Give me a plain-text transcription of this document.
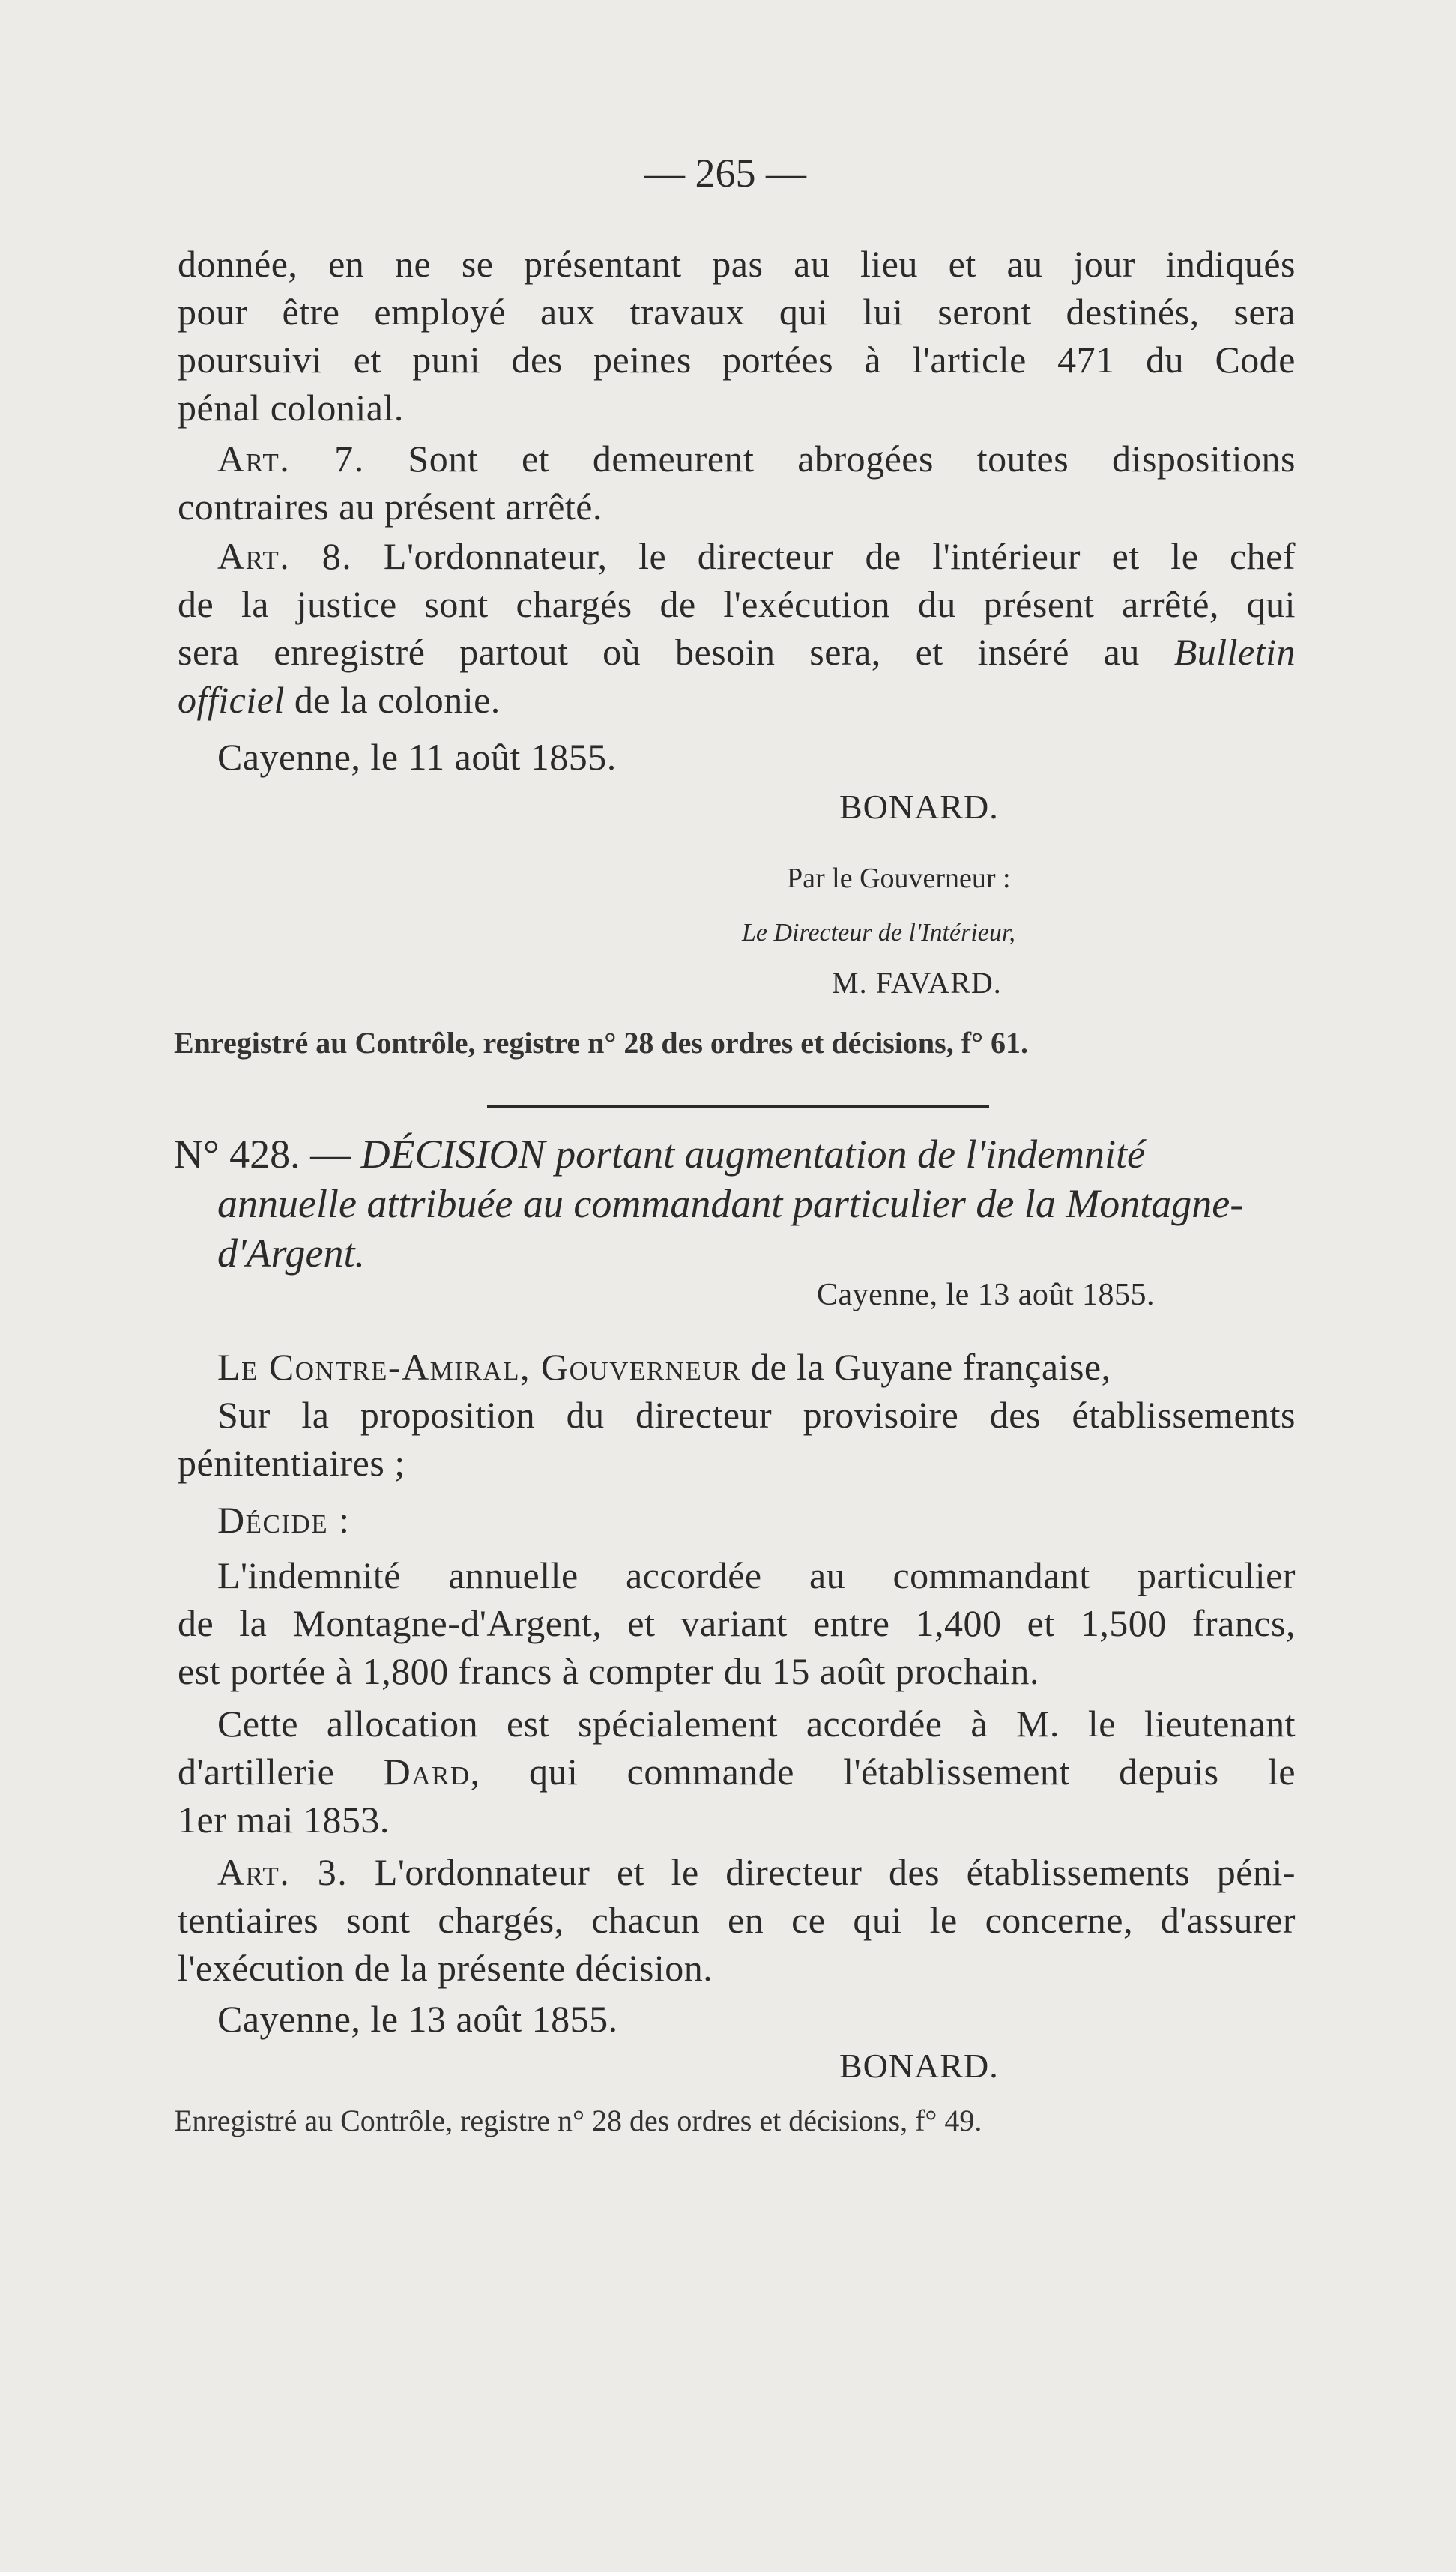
— 265 —
donnée, en ne se présentant pas au lieu et au jour indiqués
pour être employé aux travaux qui lui seront destinés, sera
poursuivi et puni des peines portées à l'article 471 du Code
pénal colonial.
Art. 7. Sont et demeurent abrogées toutes dispositions
contraires au présent arrêté.
Art. 8. L'ordonnateur, le directeur de l'intérieur et le chef
de la justice sont chargés de l'exécution du présent arrêté, qui
sera enregistré partout où besoin sera, et inséré au Bulletin
officiel de la colonie.
Cayenne, le 11 août 1855.
BONARD.
Par le Gouverneur :
Le Directeur de l'Intérieur,
M. FAVARD.
Enregistré au Contrôle, registre n° 28 des ordres et décisions, f° 61.
N° 428. — DÉCISION portant augmentation de l'indemnité
annuelle attribuée au commandant particulier de la Montagne-
d'Argent.
Cayenne, le 13 août 1855.
Le Contre-Amiral, Gouverneur de la Guyane française,
Sur la proposition du directeur provisoire des établissements
pénitentiaires ;
Décide :
L'indemnité annuelle accordée au commandant particulier
de la Montagne-d'Argent, et variant entre 1,400 et 1,500 francs,
est portée à 1,800 francs à compter du 15 août prochain.
Cette allocation est spécialement accordée à M. le lieutenant
d'artillerie Dard, qui commande l'établissement depuis le
1er mai 1853.
Art. 3. L'ordonnateur et le directeur des établissements péni-
tentiaires sont chargés, chacun en ce qui le concerne, d'assurer
l'exécution de la présente décision.
Cayenne, le 13 août 1855.
BONARD.
Enregistré au Contrôle, registre n° 28 des ordres et décisions, f° 49.
